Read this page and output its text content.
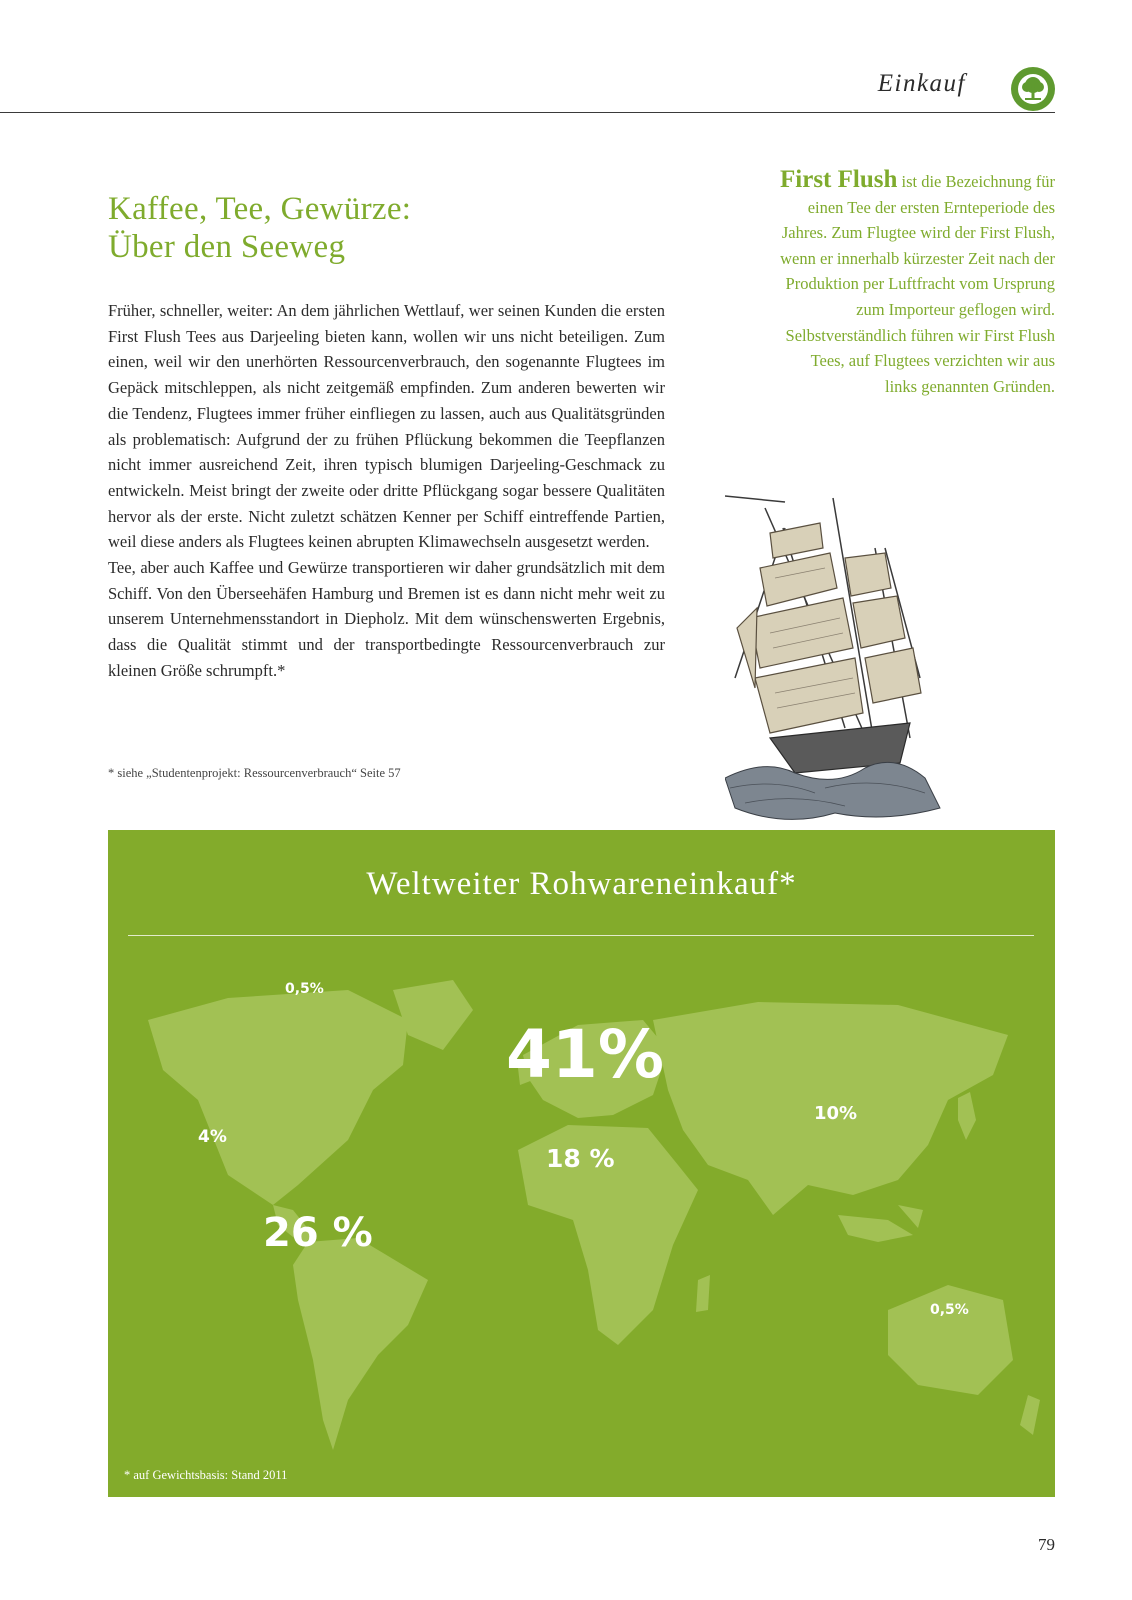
Einkauf
Kaffee, Tee, Gewürze:
Über den Seeweg

Früher, schneller, weiter: An dem jährlichen Wettlauf, wer seinen Kunden die ersten First Flush Tees aus Darjeeling bieten kann, wollen wir uns nicht beteiligen. Zum einen, weil wir den unerhörten Ressourcenverbrauch, den sogenannte Flugtees im Gepäck mitschleppen, als nicht zeitgemäß empfinden. Zum anderen bewerten wir die Tendenz, Flugtees immer früher einfliegen zu lassen, auch aus Qualitätsgründen als problematisch: Aufgrund der zu frühen Pflückung bekommen die Teepflanzen nicht immer ausreichend Zeit, ihren typisch blumigen Darjeeling-Geschmack zu entwickeln. Meist bringt der zweite oder dritte Pflückgang sogar bessere Qualitäten hervor als der erste. Nicht zuletzt schätzen Kenner per Schiff eintreffende Partien, weil diese anders als Flugtees keinen abrupten Klimawechseln ausgesetzt werden.

Tee, aber auch Kaffee und Gewürze transportieren wir daher grundsätzlich mit dem Schiff. Von den Überseehäfen Hamburg und Bremen ist es dann nicht mehr weit zu unserem Unternehmensstandort in Diepholz. Mit dem wünschenswerten Ergebnis, dass die Qualität stimmt und der transportbedingte Ressourcenverbrauch zur kleinen Größe schrumpft.*

* siehe „Studentenprojekt: Ressourcenverbrauch“ Seite 57
First Flush ist die Bezeichnung für einen Tee der ersten Ernteperiode des Jahres. Zum Flugtee wird der First Flush, wenn er innerhalb kürzester Zeit nach der Produktion per Luftfracht vom Ursprung zum Importeur geflogen wird. Selbstverständlich führen wir First Flush Tees, auf Flugtees verzichten wir aus links genannten Gründen.
Weltweiter Rohwareneinkauf*
0,5%
4%
26 %
41%
18 %
10%
0,5%
* auf Gewichtsbasis: Stand 2011
79
